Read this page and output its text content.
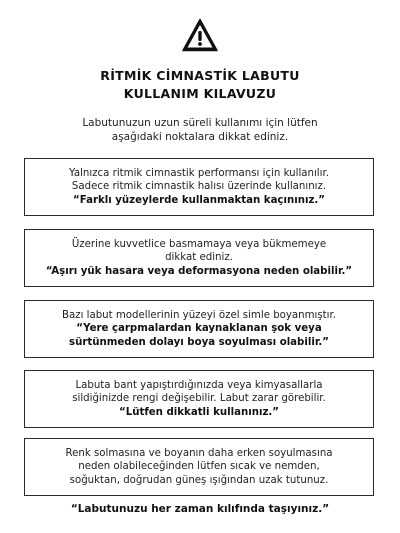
RİTMİK CİMNASTİK LABUTU
KULLANIM KILAVUZU
Labutunuzun uzun süreli kullanımı için lütfen
aşağıdaki noktalara dikkat ediniz.
Yalnızca ritmik cimnastik performansı için kullanılır.
Sadece ritmik cimnastik halısı üzerinde kullanınız.
“Farklı yüzeylerde kullanmaktan kaçınınız.”
Üzerine kuvvetlice basmamaya veya bükmemeye
dikkat ediniz.
“Aşırı yük hasara veya deformasyona neden olabilir.”
Bazı labut modellerinin yüzeyi özel simle boyanmıştır.
“Yere çarpmalardan kaynaklanan şok veya
sürtünmeden dolayı boya soyulması olabilir.”
Labuta bant yapıştırdığınızda veya kimyasallarla
sildiğinizde rengi değişebilir. Labut zarar görebilir.
“Lütfen dikkatli kullanınız.”
Renk solmasına ve boyanın daha erken soyulmasına
neden olabileceğinden lütfen sıcak ve nemden,
soğuktan, doğrudan güneş ışığından uzak tutunuz.
“Labutunuzu her zaman kılıfında taşıyınız.”
